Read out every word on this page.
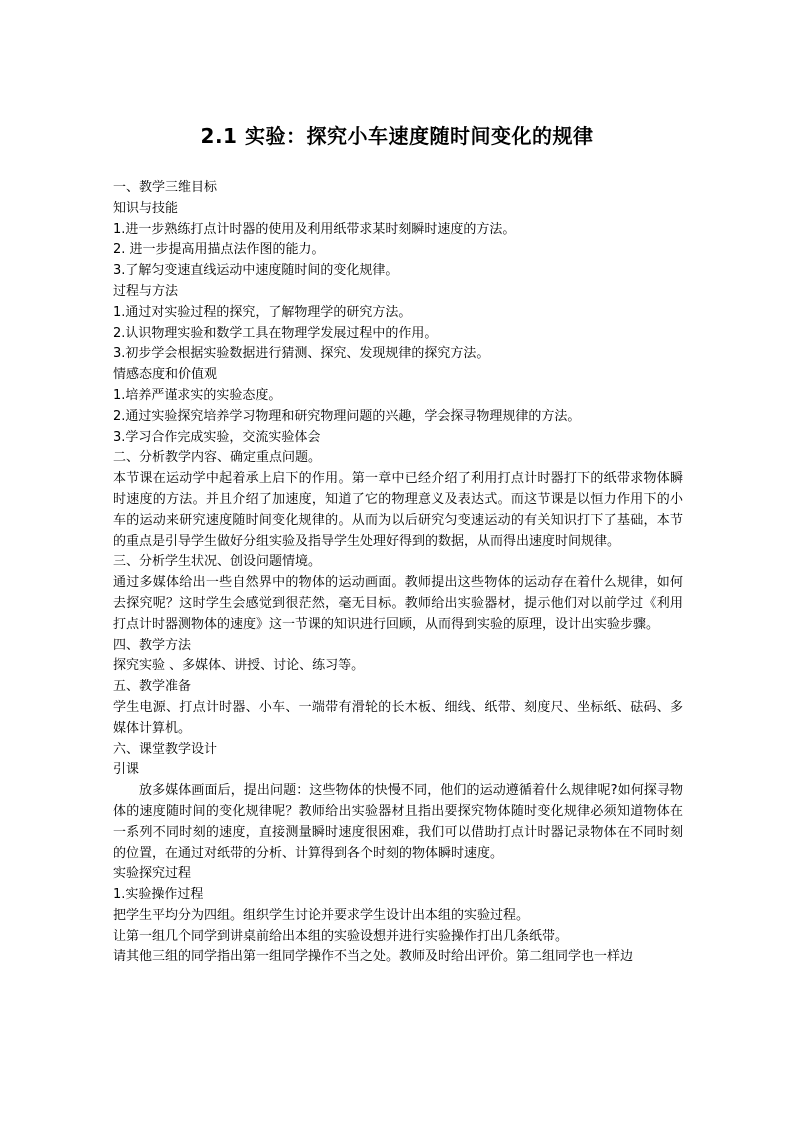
2.1 实验：探究小车速度随时间变化的规律
一、教学三维目标
知识与技能
1.进一步熟练打点计时器的使用及利用纸带求某时刻瞬时速度的方法。
2. 进一步提高用描点法作图的能力。
3.了解匀变速直线运动中速度随时间的变化规律。
过程与方法
1.通过对实验过程的探究，了解物理学的研究方法。
2.认识物理实验和数学工具在物理学发展过程中的作用。
3.初步学会根据实验数据进行猜测、探究、发现规律的探究方法。
情感态度和价值观
1.培养严谨求实的实验态度。
2.通过实验探究培养学习物理和研究物理问题的兴趣，学会探寻物理规律的方法。
3.学习合作完成实验，交流实验体会
二、分析教学内容、确定重点问题。
本节课在运动学中起着承上启下的作用。第一章中已经介绍了利用打点计时器打下的纸带求物体瞬时速度的方法。并且介绍了加速度，知道了它的物理意义及表达式。而这节课是以恒力作用下的小车的运动来研究速度随时间变化规律的。从而为以后研究匀变速运动的有关知识打下了基础，本节的重点是引导学生做好分组实验及指导学生处理好得到的数据，从而得出速度时间规律。
三、分析学生状况、创设问题情境。
通过多媒体给出一些自然界中的物体的运动画面。教师提出这些物体的运动存在着什么规律，如何去探究呢？这时学生会感觉到很茫然，毫无目标。教师给出实验器材，提示他们对以前学过《利用打点计时器测物体的速度》这一节课的知识进行回顾，从而得到实验的原理，设计出实验步骤。
四、教学方法
探究实验 、多媒体、讲授、讨论、练习等。
五、教学准备
学生电源、打点计时器、小车、一端带有滑轮的长木板、细线、纸带、刻度尺、坐标纸、砝码、多媒体计算机。
六、课堂教学设计
引课
放多媒体画面后，提出问题：这些物体的快慢不同，他们的运动遵循着什么规律呢?如何探寻物体的速度随时间的变化规律呢？教师给出实验器材且指出要探究物体随时变化规律必须知道物体在一系列不同时刻的速度，直接测量瞬时速度很困难，我们可以借助打点计时器记录物体在不同时刻的位置，在通过对纸带的分析、计算得到各个时刻的物体瞬时速度。
实验探究过程
1.实验操作过程
把学生平均分为四组。组织学生讨论并要求学生设计出本组的实验过程。
让第一组几个同学到讲桌前给出本组的实验设想并进行实验操作打出几条纸带。
请其他三组的同学指出第一组同学操作不当之处。教师及时给出评价。第二组同学也一样边
